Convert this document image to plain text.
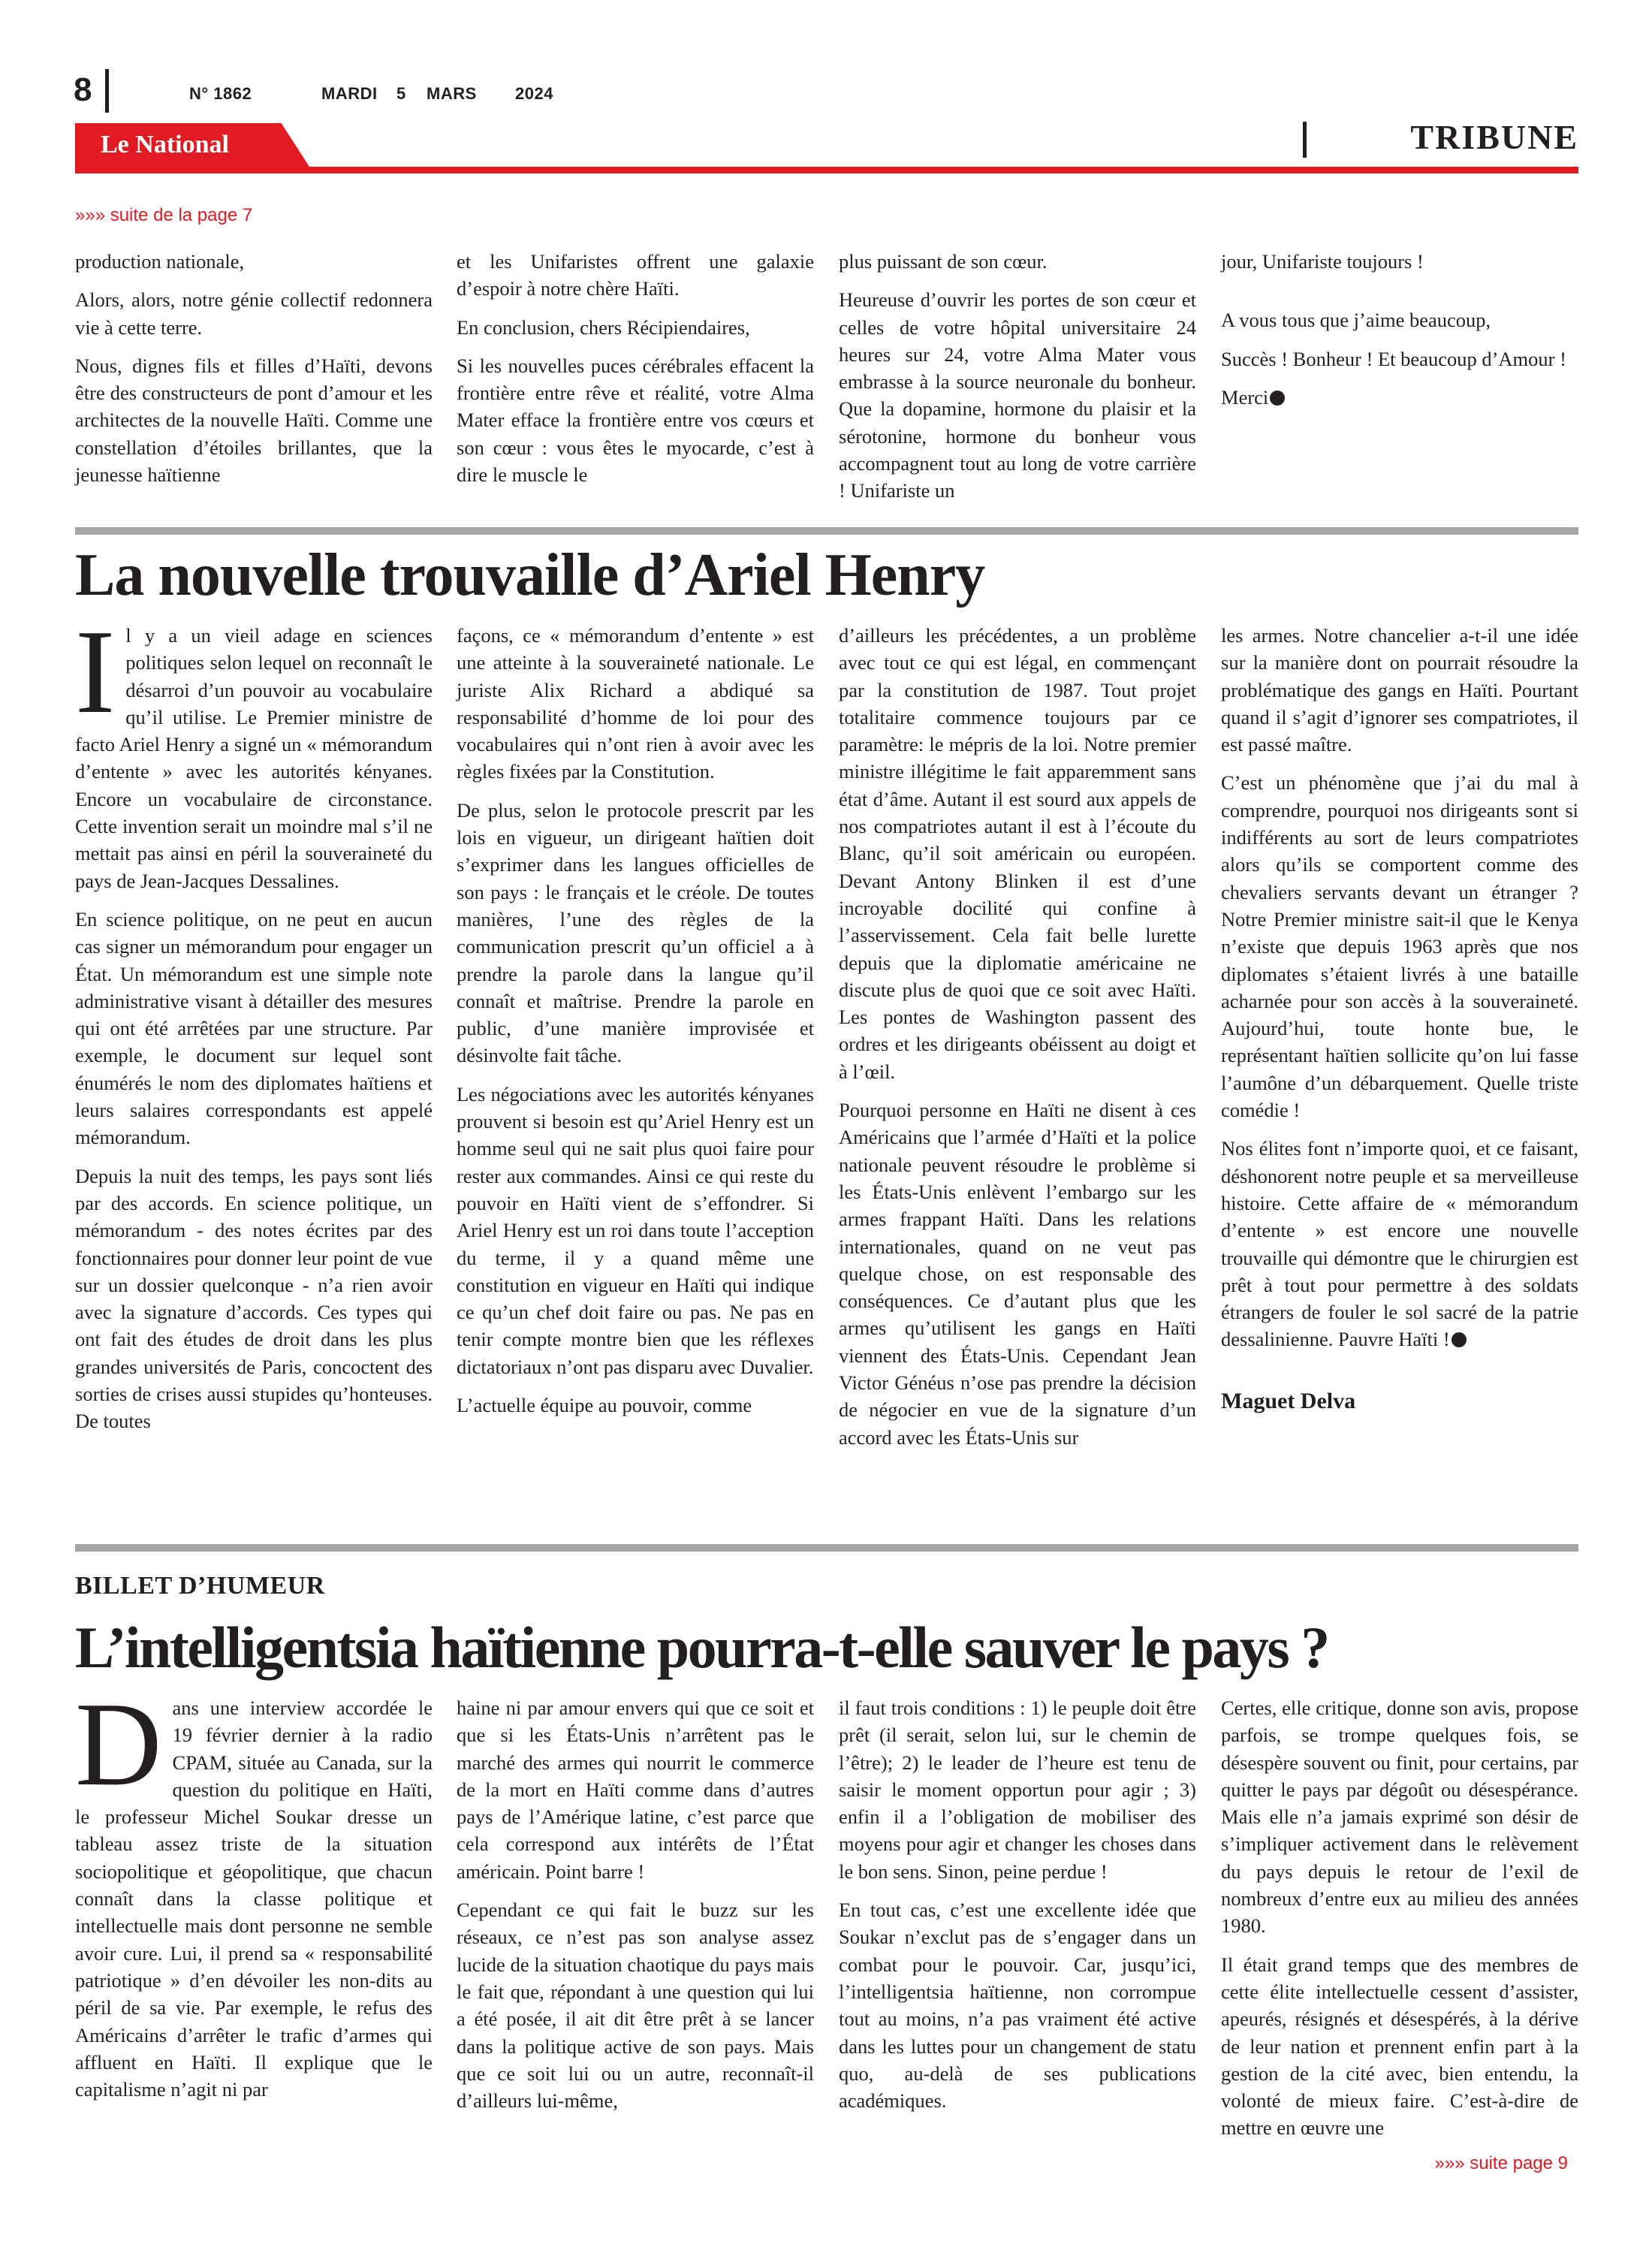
8	N° 1862	MARDI 5 MARS 2024
Le National	TRIBUNE
»»» suite de la page 7

production nationale,

Alors, alors, notre génie collectif redonnera vie à cette terre.

Nous, dignes fils et filles d’Haïti, devons être des constructeurs de pont d’amour et les architectes de la nouvelle Haïti. Comme une constellation d’étoiles brillantes, que la jeunesse haïtienne

et les Unifaristes offrent une galaxie d’espoir à notre chère Haïti.

En conclusion, chers Récipiendaires,

Si les nouvelles puces cérébrales effacent la frontière entre rêve et réalité, votre Alma Mater efface la frontière entre vos cœurs et son cœur : vous êtes le myocarde, c’est à dire le muscle le

plus puissant de son cœur.

Heureuse d’ouvrir les portes de son cœur et celles de votre hôpital universitaire 24 heures sur 24, votre Alma Mater vous embrasse à la source neuronale du bonheur. Que la dopamine, hormone du plaisir et la sérotonine, hormone du bonheur vous accompagnent tout au long de votre carrière ! Unifariste un

jour, Unifariste toujours !

A vous tous que j’aime beaucoup,

Succès ! Bonheur ! Et beaucoup d’Amour !

Merci

La nouvelle trouvaille d’Ariel Henry

Il y a un vieil adage en sciences politiques selon lequel on reconnaît le désarroi d’un pouvoir au vocabulaire qu’il utilise. Le Premier ministre de facto Ariel Henry a signé un « mémorandum d’entente » avec les autorités kényanes. Encore un vocabulaire de circonstance. Cette invention serait un moindre mal s’il ne mettait pas ainsi en péril la souveraineté du pays de Jean-Jacques Dessalines.

En science politique, on ne peut en aucun cas signer un mémorandum pour engager un État. Un mémorandum est une simple note administrative visant à détailler des mesures qui ont été arrêtées par une structure. Par exemple, le document sur lequel sont énumérés le nom des diplomates haïtiens et leurs salaires correspondants est appelé mémorandum.

Depuis la nuit des temps, les pays sont liés par des accords. En science politique, un mémorandum - des notes écrites par des fonctionnaires pour donner leur point de vue sur un dossier quelconque - n’a rien avoir avec la signature d’accords. Ces types qui ont fait des études de droit dans les plus grandes universités de Paris, concoctent des sorties de crises aussi stupides qu’honteuses. De toutes

façons, ce « mémorandum d’entente » est une atteinte à la souveraineté nationale. Le juriste Alix Richard a abdiqué sa responsabilité d’homme de loi pour des vocabulaires qui n’ont rien à avoir avec les règles fixées par la Constitution.

De plus, selon le protocole prescrit par les lois en vigueur, un dirigeant haïtien doit s’exprimer dans les langues officielles de son pays : le français et le créole. De toutes manières, l’une des règles de la communication prescrit qu’un officiel a à prendre la parole dans la langue qu’il connaît et maîtrise. Prendre la parole en public, d’une manière improvisée et désinvolte fait tâche.

Les négociations avec les autorités kényanes prouvent si besoin est qu’Ariel Henry est un homme seul qui ne sait plus quoi faire pour rester aux commandes. Ainsi ce qui reste du pouvoir en Haïti vient de s’effondrer. Si Ariel Henry est un roi dans toute l’acception du terme, il y a quand même une constitution en vigueur en Haïti qui indique ce qu’un chef doit faire ou pas. Ne pas en tenir compte montre bien que les réflexes dictatoriaux n’ont pas disparu avec Duvalier.

L’actuelle équipe au pouvoir, comme

d’ailleurs les précédentes, a un problème avec tout ce qui est légal, en commençant par la constitution de 1987. Tout projet totalitaire commence toujours par ce paramètre: le mépris de la loi. Notre premier ministre illégitime le fait apparemment sans état d’âme. Autant il est sourd aux appels de nos compatriotes autant il est à l’écoute du Blanc, qu’il soit américain ou européen. Devant Antony Blinken il est d’une incroyable docilité qui confine à l’asservissement. Cela fait belle lurette depuis que la diplomatie américaine ne discute plus de quoi que ce soit avec Haïti. Les pontes de Washington passent des ordres et les dirigeants obéissent au doigt et à l’œil.

Pourquoi personne en Haïti ne disent à ces Américains que l’armée d’Haïti et la police nationale peuvent résoudre le problème si les États-Unis enlèvent l’embargo sur les armes frappant Haïti. Dans les relations internationales, quand on ne veut pas quelque chose, on est responsable des conséquences. Ce d’autant plus que les armes qu’utilisent les gangs en Haïti viennent des États-Unis. Cependant Jean Victor Généus n’ose pas prendre la décision de négocier en vue de la signature d’un accord avec les États-Unis sur

les armes. Notre chancelier a-t-il une idée sur la manière dont on pourrait résoudre la problématique des gangs en Haïti. Pourtant quand il s’agit d’ignorer ses compatriotes, il est passé maître.

C’est un phénomène que j’ai du mal à comprendre, pourquoi nos dirigeants sont si indifférents au sort de leurs compatriotes alors qu’ils se comportent comme des chevaliers servants devant un étranger ? Notre Premier ministre sait-il que le Kenya n’existe que depuis 1963 après que nos diplomates s’étaient livrés à une bataille acharnée pour son accès à la souveraineté. Aujourd’hui, toute honte bue, le représentant haïtien sollicite qu’on lui fasse l’aumône d’un débarquement. Quelle triste comédie !

Nos élites font n’importe quoi, et ce faisant, déshonorent notre peuple et sa merveilleuse histoire. Cette affaire de « mémorandum d’entente » est encore une nouvelle trouvaille qui démontre que le chirurgien est prêt à tout pour permettre à des soldats étrangers de fouler le sol sacré de la patrie dessalinienne. Pauvre Haïti !

Maguet Delva

BILLET D’HUMEUR
L’intelligentsia haïtienne pourra-t-elle sauver le pays ?

Dans une interview accordée le 19 février dernier à la radio CPAM, située au Canada, sur la question du politique en Haïti, le professeur Michel Soukar dresse un tableau assez triste de la situation sociopolitique et géopolitique, que chacun connaît dans la classe politique et intellectuelle mais dont personne ne semble avoir cure. Lui, il prend sa « responsabilité patriotique » d’en dévoiler les non-dits au péril de sa vie. Par exemple, le refus des Américains d’arrêter le trafic d’armes qui affluent en Haïti. Il explique que le capitalisme n’agit ni par

haine ni par amour envers qui que ce soit et que si les États-Unis n’arrêtent pas le marché des armes qui nourrit le commerce de la mort en Haïti comme dans d’autres pays de l’Amérique latine, c’est parce que cela correspond aux intérêts de l’État américain. Point barre !

Cependant ce qui fait le buzz sur les réseaux, ce n’est pas son analyse assez lucide de la situation chaotique du pays mais le fait que, répondant à une question qui lui a été posée, il ait dit être prêt à se lancer dans la politique active de son pays. Mais que ce soit lui ou un autre, reconnaît-il d’ailleurs lui-même,

il faut trois conditions : 1) le peuple doit être prêt (il serait, selon lui, sur le chemin de l’être); 2) le leader de l’heure est tenu de saisir le moment opportun pour agir ; 3) enfin il a l’obligation de mobiliser des moyens pour agir et changer les choses dans le bon sens. Sinon, peine perdue !

En tout cas, c’est une excellente idée que Soukar n’exclut pas de s’engager dans un combat pour le pouvoir. Car, jusqu’ici, l’intelligentsia haïtienne, non corrompue tout au moins, n’a pas vraiment été active dans les luttes pour un changement de statu quo, au-delà de ses publications académiques.

Certes, elle critique, donne son avis, propose parfois, se trompe quelques fois, se désespère souvent ou finit, pour certains, par quitter le pays par dégoût ou désespérance. Mais elle n’a jamais exprimé son désir de s’impliquer activement dans le relèvement du pays depuis le retour de l’exil de nombreux d’entre eux au milieu des années 1980.

Il était grand temps que des membres de cette élite intellectuelle cessent d’assister, apeurés, résignés et désespérés, à la dérive de leur nation et prennent enfin part à la gestion de la cité avec, bien entendu, la volonté de mieux faire. C’est-à-dire de mettre en œuvre une

»»» suite page 9
